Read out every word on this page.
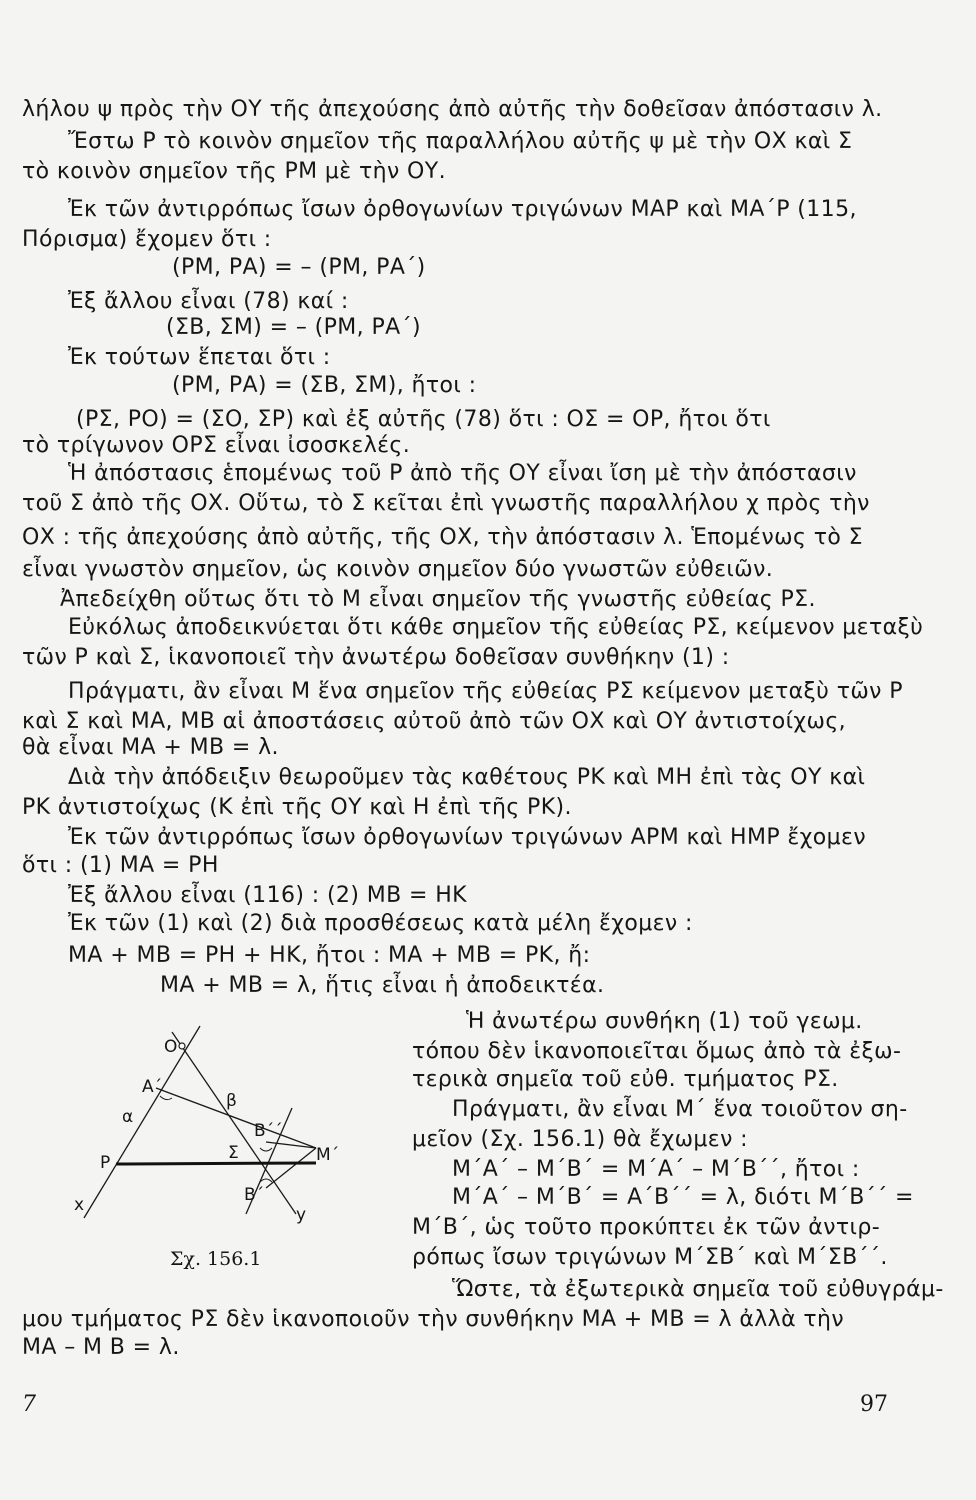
λήλου ψ πρὸς τὴν ΟΥ τῆς ἀπεχούσης ἀπὸ αὐτῆς τὴν δοθεῖσαν ἀπόστασιν λ.
Ἔστω Ρ τὸ κοινὸν σημεῖον τῆς παραλλήλου αὐτῆς ψ μὲ τὴν ΟΧ καὶ Σ
τὸ κοινὸν σημεῖον τῆς ΡΜ μὲ τὴν ΟΥ.
Ἐκ τῶν ἀντιρρόπως ἴσων ὀρθογωνίων τριγώνων ΜΑΡ καὶ ΜΑ΄Ρ (115,
Πόρισμα) ἔχομεν ὅτι :
(ΡΜ, ΡΑ) = – (ΡΜ, ΡΑ΄)
Ἐξ ἄλλου εἶναι (78) καί :
(ΣΒ, ΣΜ) = – (ΡΜ, ΡΑ΄)
Ἐκ τούτων ἕπεται ὅτι :
(ΡΜ, ΡΑ) = (ΣΒ, ΣΜ), ἤτοι :
(ΡΣ, ΡΟ) = (ΣΟ, ΣΡ) καὶ ἐξ αὐτῆς (78) ὅτι : ΟΣ = ΟΡ, ἤτοι ὅτι
τὸ τρίγωνον ΟΡΣ εἶναι ἰσοσκελές.
Ἡ ἀπόστασις ἑπομένως τοῦ Ρ ἀπὸ τῆς ΟΥ εἶναι ἴση μὲ τὴν ἀπόστασιν
τοῦ Σ ἀπὸ τῆς ΟΧ. Οὕτω, τὸ Σ κεῖται ἐπὶ γνωστῆς παραλλήλου χ πρὸς τὴν
ΟΧ : τῆς ἀπεχούσης ἀπὸ αὐτῆς, τῆς ΟΧ, τὴν ἀπόστασιν λ. Ἑπομένως τὸ Σ
εἶναι γνωστὸν σημεῖον, ὡς κοινὸν σημεῖον δύο γνωστῶν εὐθειῶν.
Ἀπεδείχθη οὕτως ὅτι τὸ Μ εἶναι σημεῖον τῆς γνωστῆς εὐθείας ΡΣ.
Εὐκόλως ἀποδεικνύεται ὅτι κάθε σημεῖον τῆς εὐθείας ΡΣ, κείμενον μεταξὺ
τῶν Ρ καὶ Σ, ἱκανοποιεῖ τὴν ἀνωτέρω δοθεῖσαν συνθήκην (1) :
Πράγματι, ἂν εἶναι Μ ἕνα σημεῖον τῆς εὐθείας ΡΣ κείμενον μεταξὺ τῶν Ρ
καὶ Σ καὶ ΜΑ, ΜΒ αἱ ἀποστάσεις αὐτοῦ ἀπὸ τῶν ΟΧ καὶ ΟΥ ἀντιστοίχως,
θὰ εἶναι ΜΑ + ΜΒ = λ.
Διὰ τὴν ἀπόδειξιν θεωροῦμεν τὰς καθέτους ΡΚ καὶ ΜΗ ἐπὶ τὰς ΟΥ καὶ
ΡΚ ἀντιστοίχως (Κ ἐπὶ τῆς ΟΥ καὶ Η ἐπὶ τῆς ΡΚ).
Ἐκ τῶν ἀντιρρόπως ἴσων ὀρθογωνίων τριγώνων ΑΡΜ καὶ ΗΜΡ ἔχομεν
ὅτι : (1) ΜΑ = ΡΗ
Ἐξ ἄλλου εἶναι (116) : (2) ΜΒ = ΗΚ
Ἐκ τῶν (1) καὶ (2) διὰ προσθέσεως κατὰ μέλη ἔχομεν :
ΜΑ + ΜΒ = ΡΗ + ΗΚ, ἤτοι : ΜΑ + ΜΒ = ΡΚ, ἤ:
ΜΑ + ΜΒ = λ, ἥτις εἶναι ἡ ἀποδεικτέα.
Ἡ ἀνωτέρω συνθήκη (1) τοῦ γεωμ.
τόπου δὲν ἱκανοποιεῖται ὅμως ἀπὸ τὰ ἐξω-
τερικὰ σημεῖα τοῦ εὐθ. τμήματος ΡΣ.
Πράγματι, ἂν εἶναι Μ΄ ἕνα τοιοῦτον ση-
μεῖον (Σχ. 156.1) θὰ ἔχωμεν :
Μ΄Α΄ – Μ΄Β΄ = Μ΄Α΄ – Μ΄Β΄΄, ἤτοι :
Μ΄Α΄ – Μ΄Β΄ = Α΄Β΄΄ = λ, διότι Μ΄Β΄΄ =
Μ΄Β΄, ὡς τοῦτο προκύπτει ἐκ τῶν ἀντιρ-
ρόπως ἴσων τριγώνων Μ΄ΣΒ΄ καὶ Μ΄ΣΒ΄΄.
Ὥστε, τὰ ἐξωτερικὰ σημεῖα τοῦ εὐθυγράμ-
μου τμήματος ΡΣ δὲν ἱκανοποιοῦν τὴν συνθήκην ΜΑ + ΜΒ = λ ἀλλὰ τὴν
ΜΑ – Μ Β = λ.
O
Α΄
α
β
Β΄΄
Σ	Μ΄
Ρ
x	Β΄
y
Σχ. 156.1
7	97
